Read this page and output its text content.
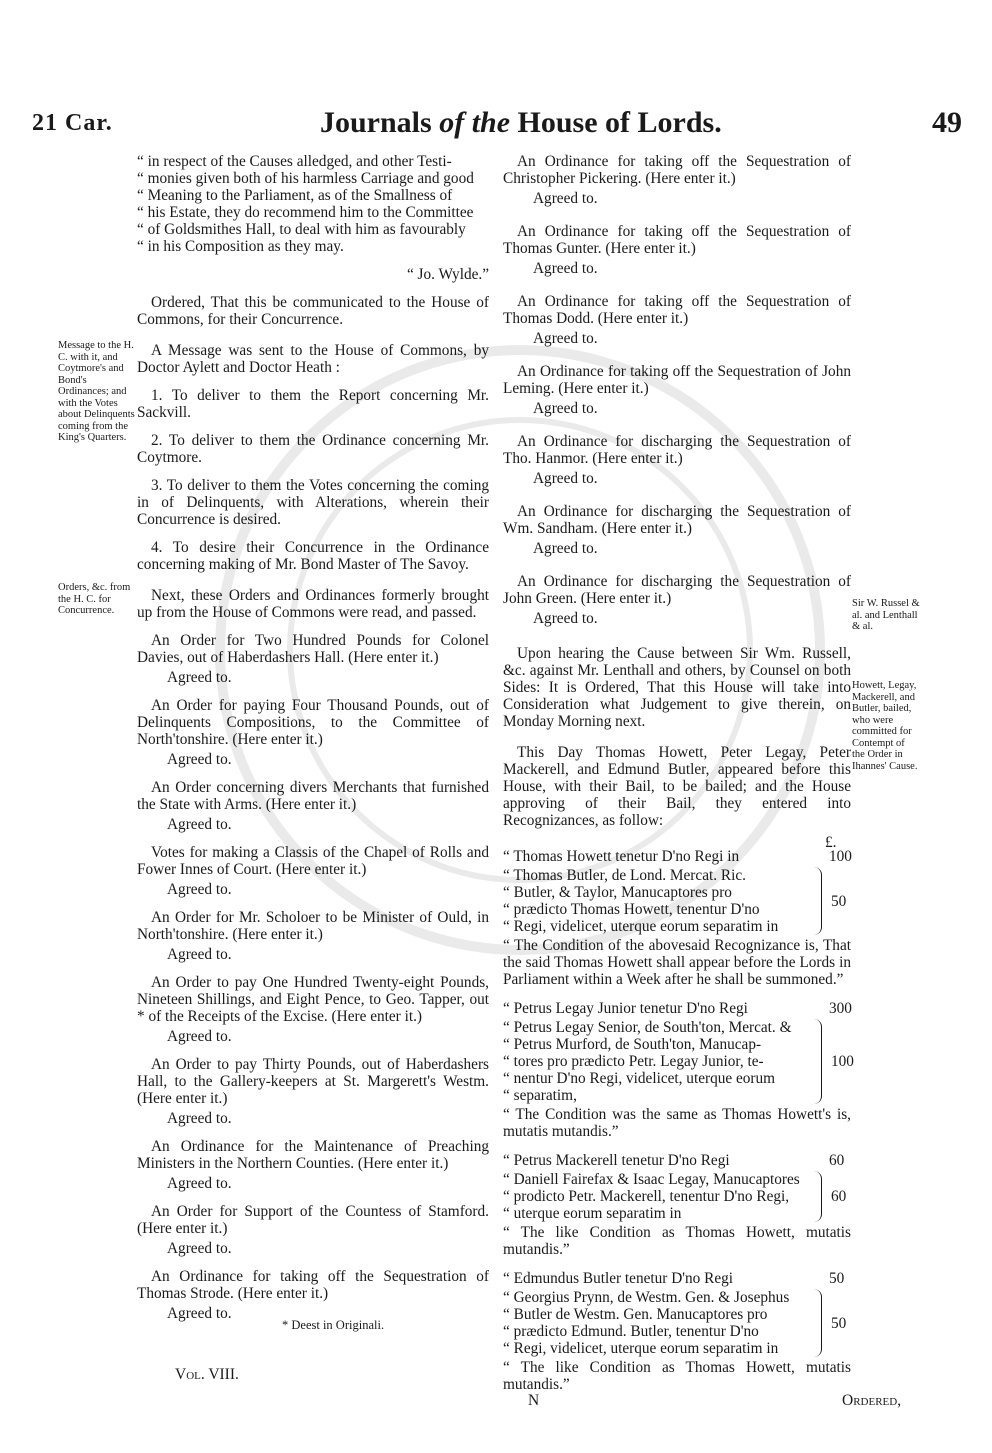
21 Car.	Journals of the House of Lords.	49
Message to the H. C. with it, and Coytmore's and Bond's Ordinances; and with the Votes about Delinquents coming from the King's Quarters.
Orders, &c. from the H. C. for Concurrence.
Sir W. Russel & al. and Lenthall & al.
Howett, Legay, Mackerell, and Butler, bailed, who were committed for Contempt of the Order in Ihannes' Cause.
“ in respect of the Causes alledged, and other Testi-
“ monies given both of his harmless Carriage and good
“ Meaning to the Parliament, as of the Smallness of
“ his Estate, they do recommend him to the Committee
“ of Goldsmithes Hall, to deal with him as favourably
“ in his Composition as they may.
“ Jo. Wylde.”

Ordered, That this be communicated to the House of Commons, for their Concurrence.

A Message was sent to the House of Commons, by Doctor Aylett and Doctor Heath :

1. To deliver to them the Report concerning Mr. Sackvill.

2. To deliver to them the Ordinance concerning Mr. Coytmore.

3. To deliver to them the Votes concerning the coming in of Delinquents, with Alterations, wherein their Concurrence is desired.

4. To desire their Concurrence in the Ordinance concerning making of Mr. Bond Master of The Savoy.

Next, these Orders and Ordinances formerly brought up from the House of Commons were read, and passed.

An Order for Two Hundred Pounds for Colonel Davies, out of Haberdashers Hall. (Here enter it.)

Agreed to.

An Order for paying Four Thousand Pounds, out of Delinquents Compositions, to the Committee of North'tonshire. (Here enter it.)

Agreed to.

An Order concerning divers Merchants that furnished the State with Arms. (Here enter it.)

Agreed to.

Votes for making a Classis of the Chapel of Rolls and Fower Innes of Court. (Here enter it.)

Agreed to.

An Order for Mr. Scholoer to be Minister of Ould, in North'tonshire. (Here enter it.)

Agreed to.

An Order to pay One Hundred Twenty-eight Pounds, Nineteen Shillings, and Eight Pence, to Geo. Tapper, out * of the Receipts of the Excise. (Here enter it.)

Agreed to.

An Order to pay Thirty Pounds, out of Haberdashers Hall, to the Gallery-keepers at St. Margerett's Westm. (Here enter it.)

Agreed to.

An Ordinance for the Maintenance of Preaching Ministers in the Northern Counties. (Here enter it.)

Agreed to.

An Order for Support of the Countess of Stamford. (Here enter it.)

Agreed to.

An Ordinance for taking off the Sequestration of Thomas Strode. (Here enter it.)

Agreed to.

An Ordinance for taking off the Sequestration of Christopher Pickering. (Here enter it.)

Agreed to.

An Ordinance for taking off the Sequestration of Thomas Gunter. (Here enter it.)

Agreed to.

An Ordinance for taking off the Sequestration of Thomas Dodd. (Here enter it.)

Agreed to.

An Ordinance for taking off the Sequestration of John Leming. (Here enter it.)

Agreed to.

An Ordinance for discharging the Sequestration of Tho. Hanmor. (Here enter it.)

Agreed to.

An Ordinance for discharging the Sequestration of Wm. Sandham. (Here enter it.)

Agreed to.

An Ordinance for discharging the Sequestration of John Green. (Here enter it.)

Agreed to.

Upon hearing the Cause between Sir Wm. Russell, &c. against Mr. Lenthall and others, by Counsel on both Sides: It is Ordered, That this House will take into Consideration what Judgement to give therein, on Monday Morning next.

This Day Thomas Howett, Peter Legay, Peter Mackerell, and Edmund Butler, appeared before this House, with their Bail, to be bailed; and the House approving of their Bail, they entered into Recognizances, as follow:

£.
“ Thomas Howett tenetur D'no Regi in	100
“ Thomas Butler, de Lond. Mercat. Ric.
“ Butler, & Taylor, Manucaptores pro
“ prædicto Thomas Howett, tenentur D'no
“ Regi, videlicet, uterque eorum separatim in
50

“ The Condition of the abovesaid Recognizance is, That the said Thomas Howett shall appear before the Lords in Parliament within a Week after he shall be summoned.”

“ Petrus Legay Junior tenetur D'no Regi	300
“ Petrus Legay Senior, de South'ton, Mercat. &
“ Petrus Murford, de South'ton, Manucap-
“ tores pro prædicto Petr. Legay Junior, te-
“ nentur D'no Regi, videlicet, uterque eorum
“ separatim,
100

“ The Condition was the same as Thomas Howett's is, mutatis mutandis.”

“ Petrus Mackerell tenetur D'no Regi	60
“ Daniell Fairefax & Isaac Legay, Manucaptores
“ prodicto Petr. Mackerell, tenentur D'no Regi,
“ uterque eorum separatim in
60

“ The like Condition as Thomas Howett, mutatis mutandis.”

“ Edmundus Butler tenetur D'no Regi	50
“ Georgius Prynn, de Westm. Gen. & Josephus
“ Butler de Westm. Gen. Manucaptores pro
“ prædicto Edmund. Butler, tenentur D'no
“ Regi, videlicet, uterque eorum separatim in
50

“ The like Condition as Thomas Howett, mutatis mutandis.”

* Deest in Originali.
Vol. VIII.
N	Ordered,
